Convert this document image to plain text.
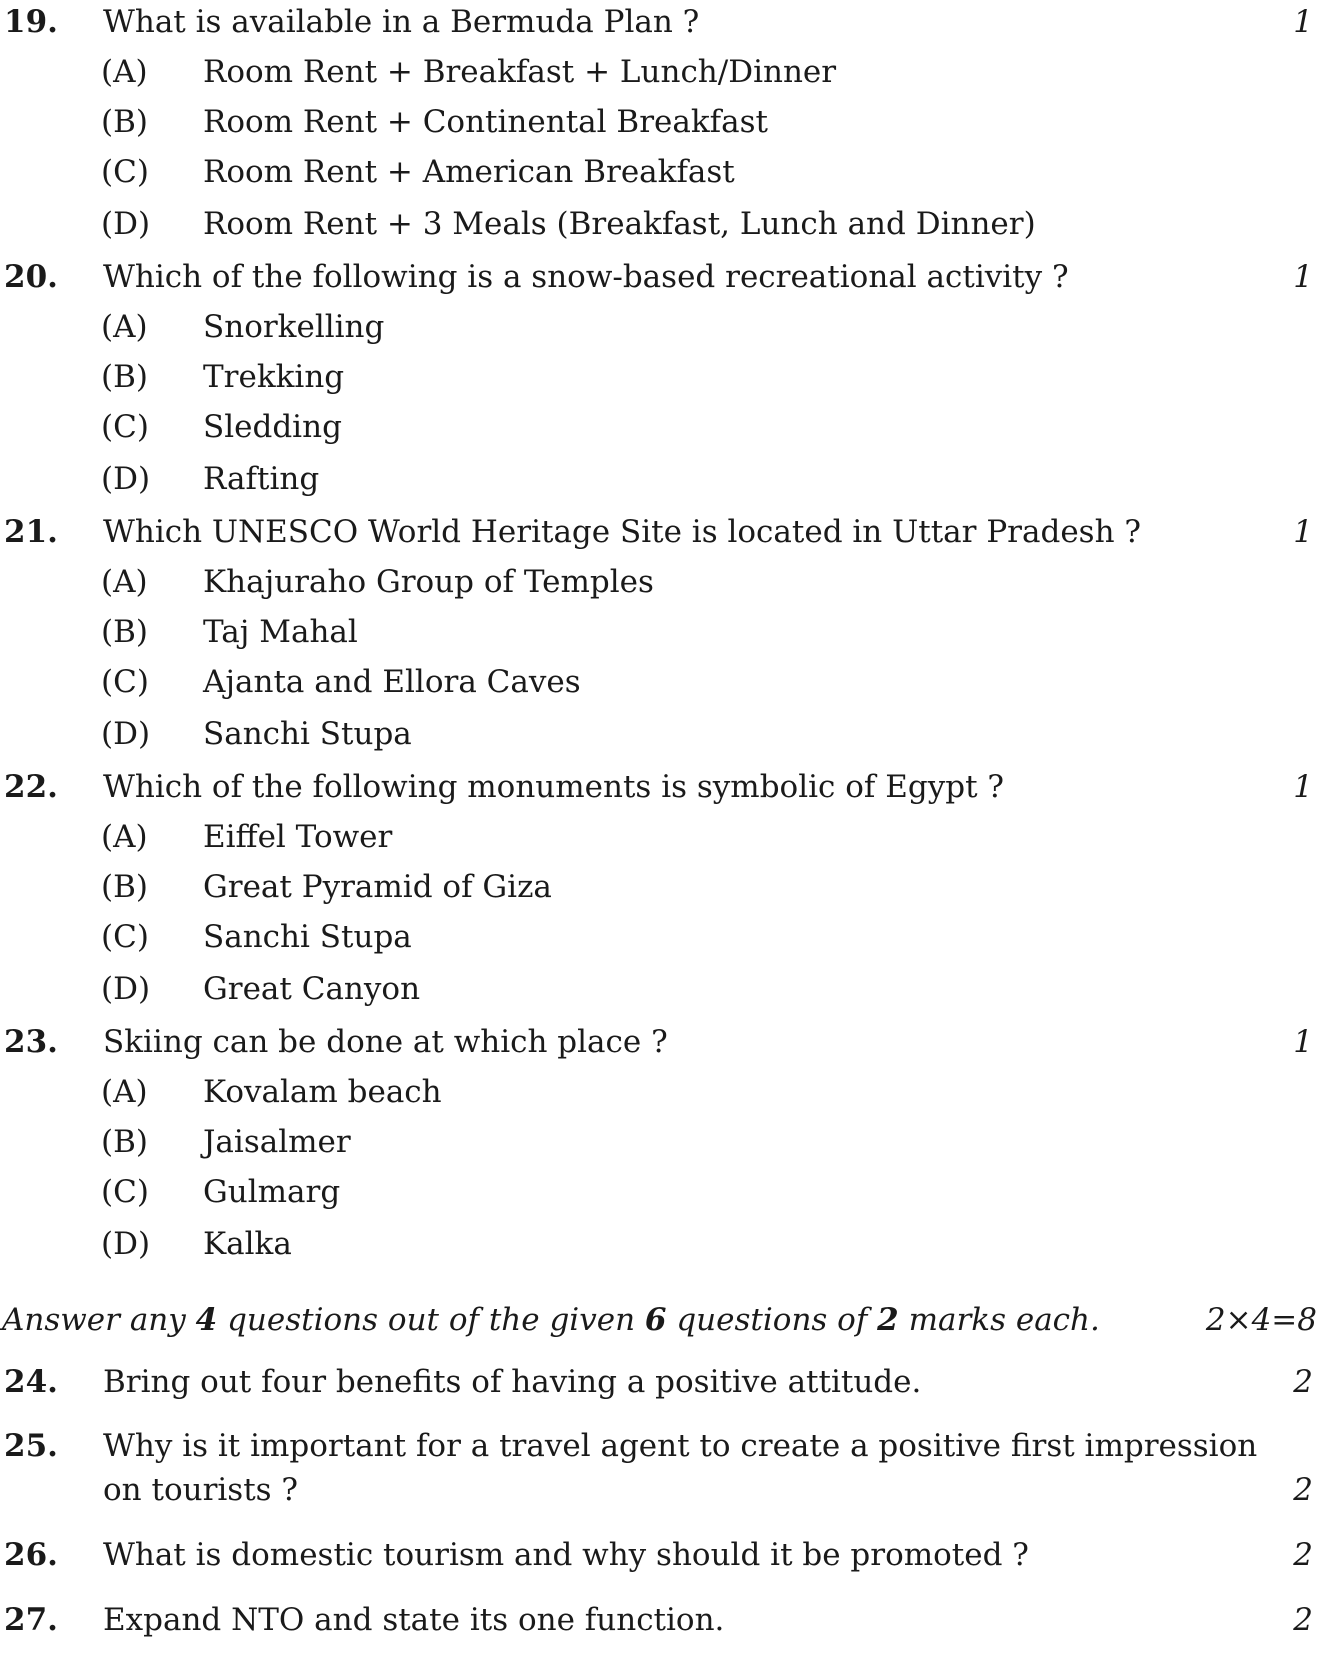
19. What is available in a Bermuda Plan ?	1
(A) Room Rent + Breakfast + Lunch/Dinner
(B) Room Rent + Continental Breakfast
(C) Room Rent + American Breakfast
(D) Room Rent + 3 Meals (Breakfast, Lunch and Dinner)
20. Which of the following is a snow-based recreational activity ?	1
(A) Snorkelling
(B) Trekking
(C) Sledding
(D) Rafting
21. Which UNESCO World Heritage Site is located in Uttar Pradesh ?	1
(A) Khajuraho Group of Temples
(B) Taj Mahal
(C) Ajanta and Ellora Caves
(D) Sanchi Stupa
22. Which of the following monuments is symbolic of Egypt ?	1
(A) Eiffel Tower
(B) Great Pyramid of Giza
(C) Sanchi Stupa
(D) Great Canyon
23. Skiing can be done at which place ?	1
(A) Kovalam beach
(B) Jaisalmer
(C) Gulmarg
(D) Kalka
Answer any 4 questions out of the given 6 questions of 2 marks each.	2×4=8
24. Bring out four benefits of having a positive attitude.	2
25. Why is it important for a travel agent to create a positive first impression
on tourists ?	2
26. What is domestic tourism and why should it be promoted ?	2
27. Expand NTO and state its one function.	2
